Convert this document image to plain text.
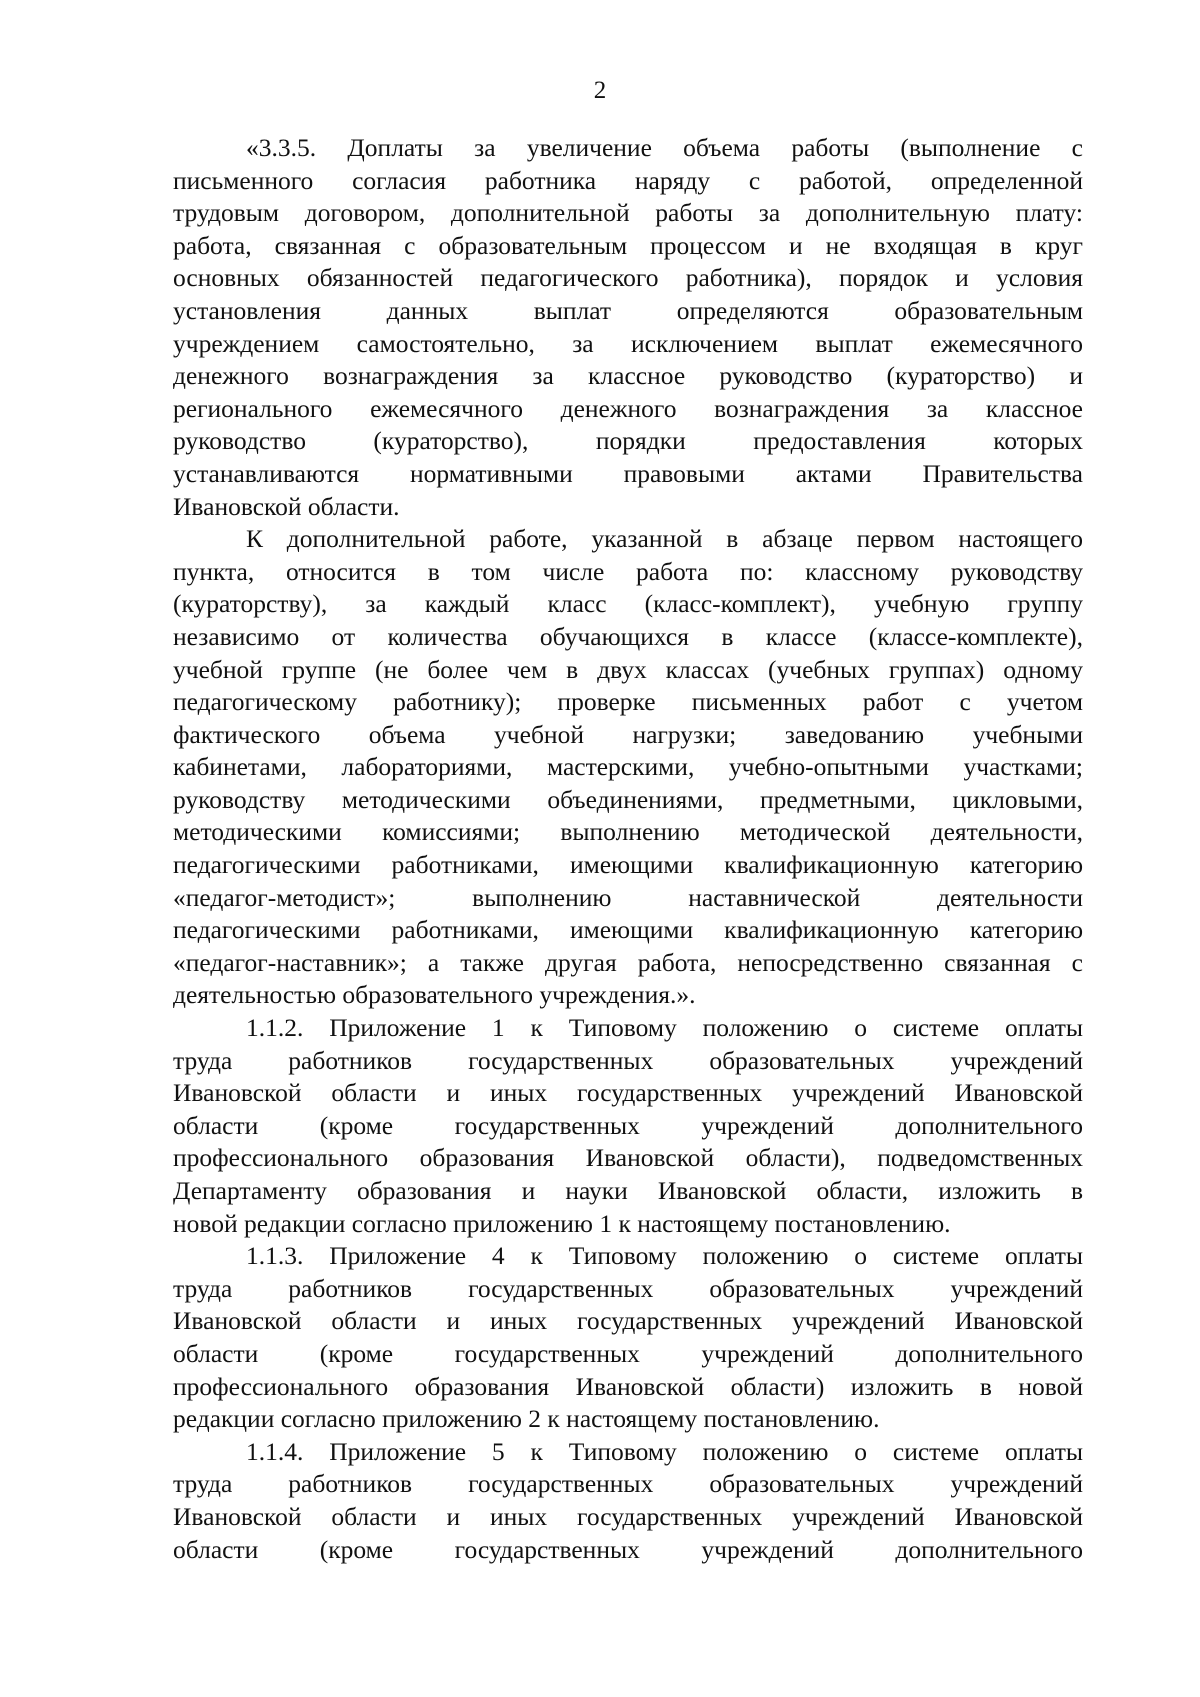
2
«3.3.5. Доплаты за увеличение объема работы (выполнение с
письменного согласия работника наряду с работой, определенной
трудовым договором, дополнительной работы за дополнительную плату:
работа, связанная с образовательным процессом и не входящая в круг
основных обязанностей педагогического работника), порядок и условия
установления данных выплат определяются образовательным
учреждением самостоятельно, за исключением выплат ежемесячного
денежного вознаграждения за классное руководство (кураторство) и
регионального ежемесячного денежного вознаграждения за классное
руководство (кураторство), порядки предоставления которых
устанавливаются нормативными правовыми актами Правительства
Ивановской области.
К дополнительной работе, указанной в абзаце первом настоящего
пункта, относится в том числе работа по: классному руководству
(кураторству), за каждый класс (класс-комплект), учебную группу
независимо от количества обучающихся в классе (классе-комплекте),
учебной группе (не более чем в двух классах (учебных группах) одному
педагогическому работнику); проверке письменных работ с учетом
фактического объема учебной нагрузки; заведованию учебными
кабинетами, лабораториями, мастерскими, учебно-опытными участками;
руководству методическими объединениями, предметными, цикловыми,
методическими комиссиями; выполнению методической деятельности,
педагогическими работниками, имеющими квалификационную категорию
«педагог-методист»; выполнению наставнической деятельности
педагогическими работниками, имеющими квалификационную категорию
«педагог-наставник»; а также другая работа, непосредственно связанная с
деятельностью образовательного учреждения.».
1.1.2. Приложение 1 к Типовому положению о системе оплаты
труда работников государственных образовательных учреждений
Ивановской области и иных государственных учреждений Ивановской
области (кроме государственных учреждений дополнительного
профессионального образования Ивановской области), подведомственных
Департаменту образования и науки Ивановской области, изложить в
новой редакции согласно приложению 1 к настоящему постановлению.
1.1.3. Приложение 4 к Типовому положению о системе оплаты
труда работников государственных образовательных учреждений
Ивановской области и иных государственных учреждений Ивановской
области (кроме государственных учреждений дополнительного
профессионального образования Ивановской области) изложить в новой
редакции согласно приложению 2 к настоящему постановлению.
1.1.4. Приложение 5 к Типовому положению о системе оплаты
труда работников государственных образовательных учреждений
Ивановской области и иных государственных учреждений Ивановской
области (кроме государственных учреждений дополнительного
